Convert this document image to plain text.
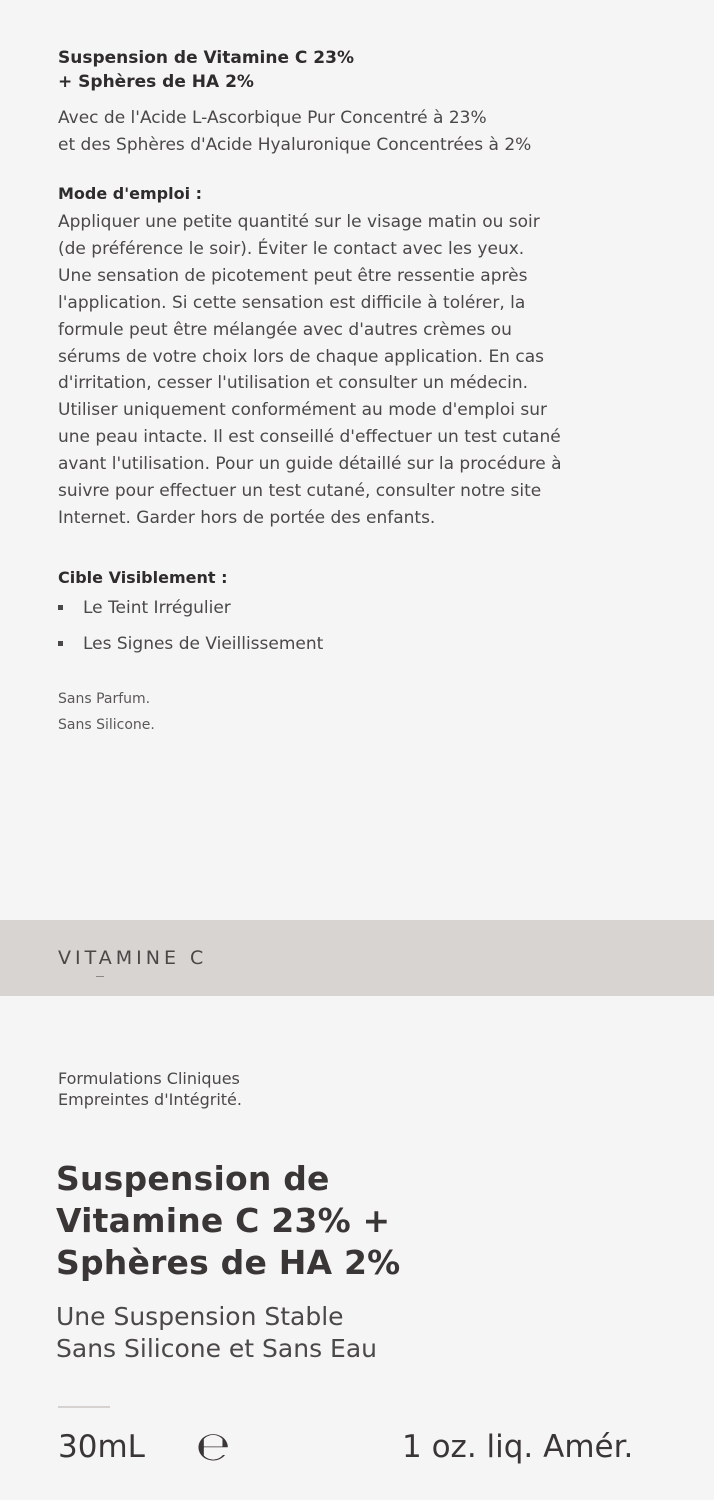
Suspension de Vitamine C 23%
+ Sphères de HA 2%
Avec de l'Acide L-Ascorbique Pur Concentré à 23%
et des Sphères d'Acide Hyaluronique Concentrées à 2%
Mode d'emploi :
Appliquer une petite quantité sur le visage matin ou soir
(de préférence le soir). Éviter le contact avec les yeux.
Une sensation de picotement peut être ressentie après
l'application. Si cette sensation est difficile à tolérer, la
formule peut être mélangée avec d'autres crèmes ou
sérums de votre choix lors de chaque application. En cas
d'irritation, cesser l'utilisation et consulter un médecin.
Utiliser uniquement conformément au mode d'emploi sur
une peau intacte. Il est conseillé d'effectuer un test cutané
avant l'utilisation. Pour un guide détaillé sur la procédure à
suivre pour effectuer un test cutané, consulter notre site
Internet. Garder hors de portée des enfants.
Cible Visiblement :
Le Teint Irrégulier
Les Signes de Vieillissement
Sans Parfum.
Sans Silicone.
VITAMINE C
Formulations Cliniques
Empreintes d'Intégrité.
Suspension de
Vitamine C 23% +
Sphères de HA 2%
Une Suspension Stable
Sans Silicone et Sans Eau
30mL ℮	1 oz. liq. Amér.
